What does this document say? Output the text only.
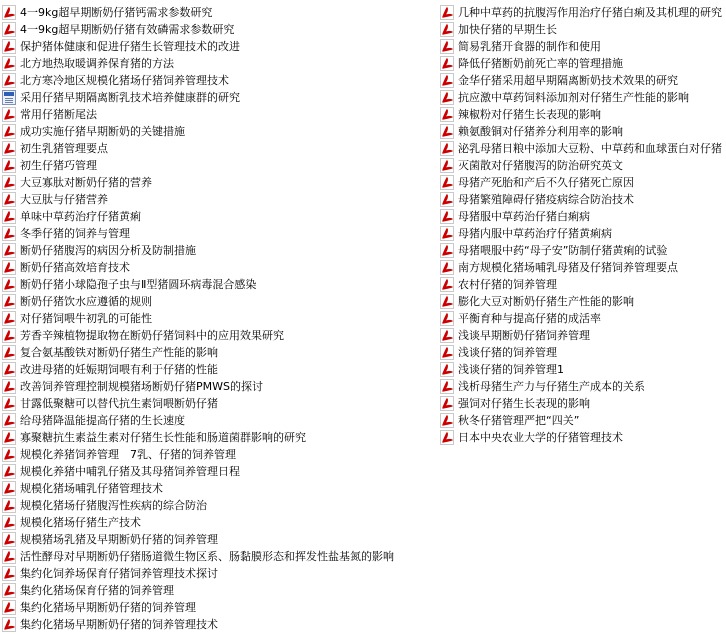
4一9kg超早期断奶仔猪钙需求参数研究
4一9kg超早期断奶仔猪有效磷需求参数研究
保护猪体健康和促进仔猪生长管理技术的改进
北方地热取暖调养保育猪的方法
北方寒冷地区规模化猪场仔猪饲养管理技术
采用仔猪早期隔离断乳技术培养健康群的研究
常用仔猪断尾法
成功实施仔猪早期断奶的关键措施
初生乳猪管理要点
初生仔猪巧管理
大豆寡肽对断奶仔猪的营养
大豆肽与仔猪营养
单味中草药治疗仔猪黄痢
冬季仔猪的饲养与管理
断奶仔猪腹泻的病因分析及防制措施
断奶仔猪高效培育技术
断奶仔猪小球隐孢子虫与Ⅱ型猪圆环病毒混合感染
断奶仔猪饮水应遵循的规则
对仔猪饲喂牛初乳的可能性
芳香辛辣植物提取物在断奶仔猪饲料中的应用效果研究
复合氨基酸铁对断奶仔猪生产性能的影响
改进母猪的妊娠期饲喂有利于仔猪的性能
改善饲养管理控制规模猪场断奶仔猪PMWS的探讨
甘露低聚糖可以替代抗生素饲喂断奶仔猪
给母猪降温能提高仔猪的生长速度
寡聚糖抗生素益生素对仔猪生长性能和肠道菌群影响的研究
规模化养猪饲养管理　7乳、仔猪的饲养管理
规模化养猪中哺乳仔猪及其母猪饲养管理日程
规模化猪场哺乳仔猪管理技术
规模化猪场仔猪腹泻性疾病的综合防治
规模化猪场仔猪生产技术
规模猪场乳猪及早期断奶仔猪的饲养管理
活性酵母对早期断奶仔猪肠道微生物区系、肠黏膜形态和挥发性盐基氮的影响
集约化饲养场保育仔猪饲养管理技术探讨
集约化猪场保育仔猪的饲养管理
集约化猪场早期断奶仔猪的饲养管理
集约化猪场早期断奶仔猪的饲养管理技术
几种中草药的抗腹泻作用治疗仔猪白痢及其机理的研究
加快仔猪的早期生长
简易乳猪开食器的制作和使用
降低仔猪断奶前死亡率的管理措施
金华仔猪采用超早期隔离断奶技术效果的研究
抗应激中草药饲料添加剂对仔猪生产性能的影响
辣椒粉对仔猪生长表现的影响
赖氨酸铜对仔猪养分利用率的影响
泌乳母猪日粮中添加大豆粉、中草药和血球蛋白对仔猪
灭菌散对仔猪腹泻的防治研究英文
母猪产死胎和产后不久仔猪死亡原因
母猪繁殖障碍仔猪疫病综合防治技术
母猪服中草药治仔猪白痢病
母猪内服中草药治疗仔猪黄痢病
母猪喂服中药“母子安”防制仔猪黄痢的试验
南方规模化猪场哺乳母猪及仔猪饲养管理要点
农村仔猪的饲养管理
膨化大豆对断奶仔猪生产性能的影响
平衡育种与提高仔猪的成活率
浅谈早期断奶仔猪饲养管理
浅谈仔猪的饲养管理
浅谈仔猪的饲养管理1
浅析母猪生产力与仔猪生产成本的关系
强饲对仔猪生长表现的影响
秋冬仔猪管理严把“四关”
日本中央农业大学的仔猪管理技术
